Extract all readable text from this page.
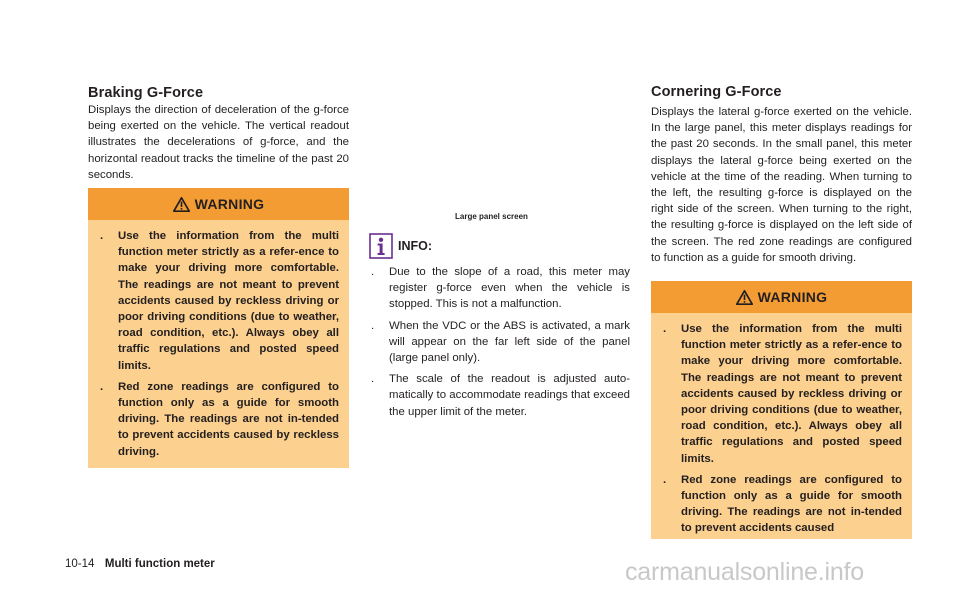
Braking G-Force

Displays the direction of deceleration of the g-force being exerted on the vehicle. The vertical readout illustrates the decelerations of g-force, and the horizontal readout tracks the timeline of the past 20 seconds.

WARNING
. Use the information from the multi function meter strictly as a refer-ence to make your driving more comfortable. The readings are not meant to prevent accidents caused by reckless driving or poor driving conditions (due to weather, road condition, etc.). Always obey all traffic regulations and posted speed limits.
. Red zone readings are configured to function only as a guide for smooth driving. The readings are not in-tended to prevent accidents caused by reckless driving.
Large panel screen
INFO:
. Due to the slope of a road, this meter may register g-force even when the vehicle is stopped. This is not a malfunction.
. When the VDC or the ABS is activated, a mark will appear on the far left side of the panel (large panel only).
. The scale of the readout is adjusted auto-matically to accommodate readings that exceed the upper limit of the meter.
Cornering G-Force

Displays the lateral g-force exerted on the vehicle. In the large panel, this meter displays readings for the past 20 seconds. In the small panel, this meter displays the lateral g-force being exerted on the vehicle at the time of the reading. When turning to the left, the resulting g-force is displayed on the right side of the screen. When turning to the right, the resulting g-force is displayed on the left side of the screen. The red zone readings are configured to function as a guide for smooth driving.

WARNING
. Use the information from the multi function meter strictly as a refer-ence to make your driving more comfortable. The readings are not meant to prevent accidents caused by reckless driving or poor driving conditions (due to weather, road condition, etc.). Always obey all traffic regulations and posted speed limits.
. Red zone readings are configured to function only as a guide for smooth driving. The readings are not in-tended to prevent accidents caused
10-14 Multi function meter	carmanualsonline.info
